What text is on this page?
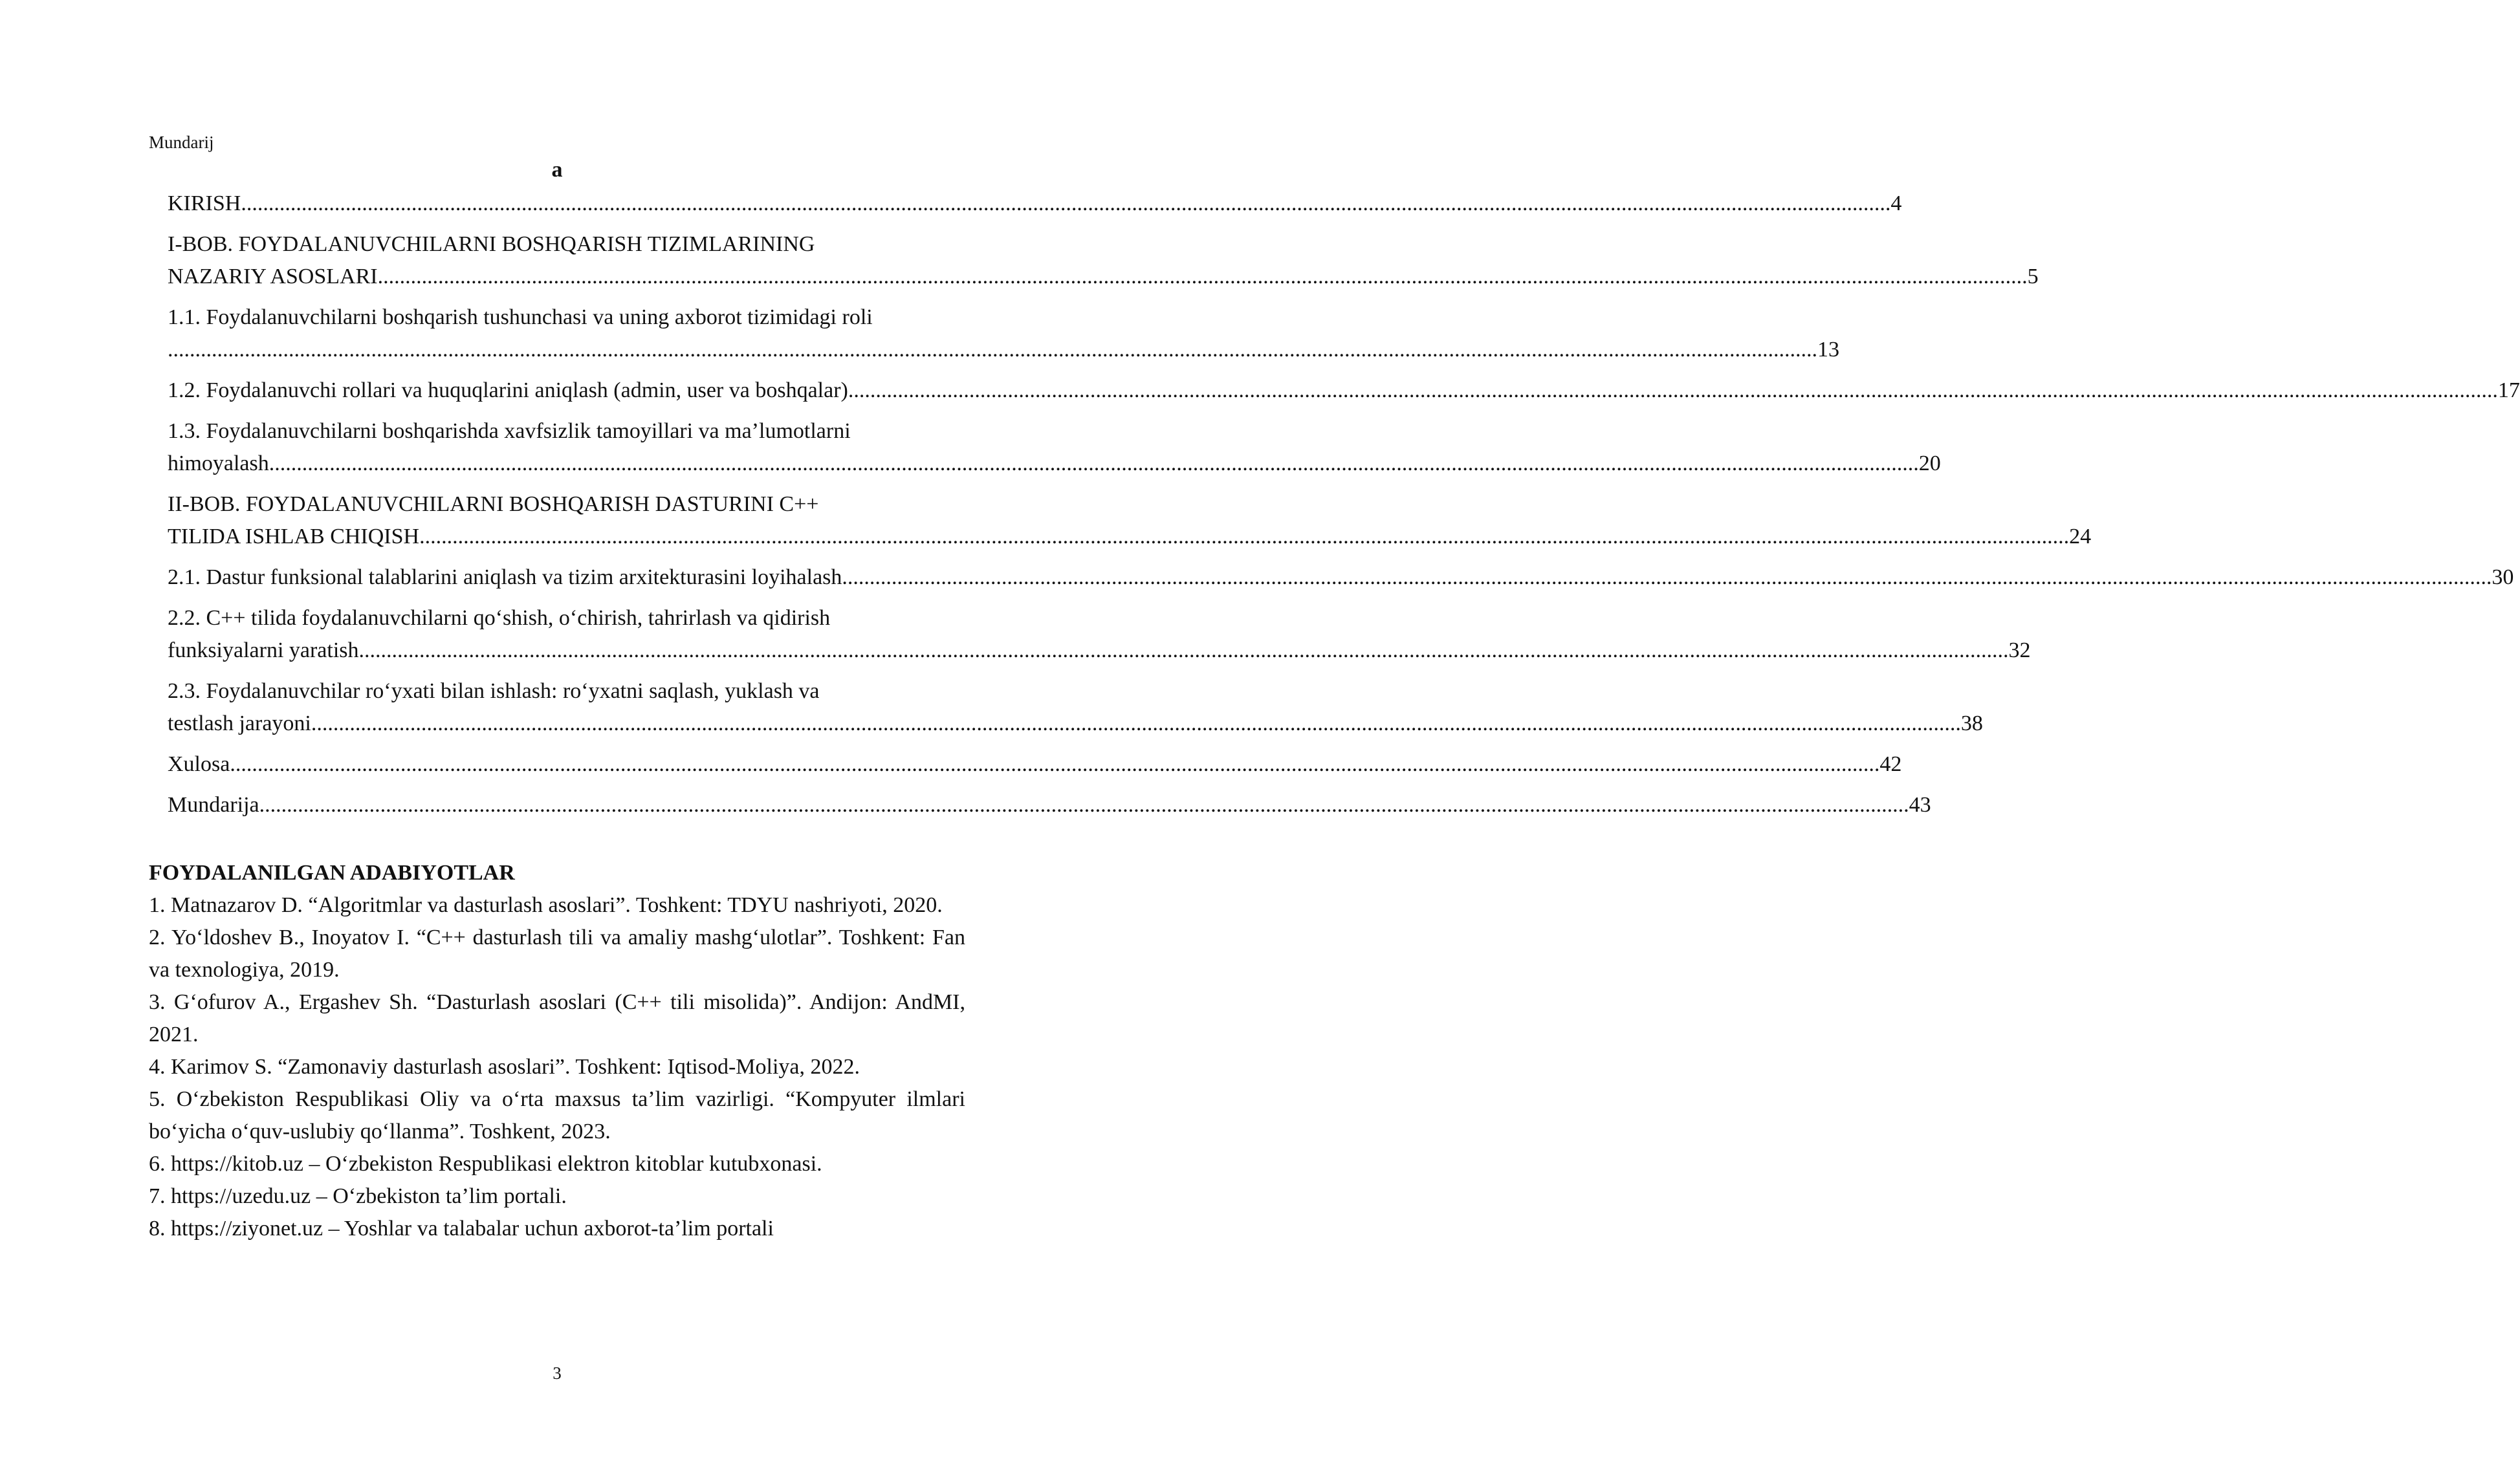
Mundarij
a
KIRISH ............................................................................................................................................................................................................................................................................................................ 4
I-BOB. FOYDALANUVCHILARNI BOSHQARISH TIZIMLARINING
NAZARIY ASOSLARI ............................................................................................................................................................................................................................................................................................................ 5
1.1. Foydalanuvchilarni boshqarish tushunchasi va uning axborot tizimidagi roli
............................................................................................................................................................................................................................................................................................................ 13
1.2. Foydalanuvchi rollari va huquqlarini aniqlash (admin, user va boshqalar) ............................................................................................................................................................................................................................................................................................................ 17
1.3. Foydalanuvchilarni boshqarishda xavfsizlik tamoyillari va ma’lumotlarni
himoyalash ............................................................................................................................................................................................................................................................................................................ 20
II-BOB. FOYDALANUVCHILARNI BOSHQARISH DASTURINI C++
TILIDA ISHLAB CHIQISH ............................................................................................................................................................................................................................................................................................................ 24
2.1. Dastur funksional talablarini aniqlash va tizim arxitekturasini loyihalash ............................................................................................................................................................................................................................................................................................................ 30
2.2. C++ tilida foydalanuvchilarni qo‘shish, o‘chirish, tahrirlash va qidirish
funksiyalarni yaratish ............................................................................................................................................................................................................................................................................................................ 32
2.3. Foydalanuvchilar ro‘yxati bilan ishlash: ro‘yxatni saqlash, yuklash va
testlash jarayoni ............................................................................................................................................................................................................................................................................................................ 38
Xulosa ............................................................................................................................................................................................................................................................................................................ 42
Mundarija ............................................................................................................................................................................................................................................................................................................ 43
FOYDALANILGAN ADABIYOTLAR
1. Matnazarov D. “Algoritmlar va dasturlash asoslari”. Toshkent: TDYU nashriyoti, 2020.
2. Yo‘ldoshev B., Inoyatov I. “C++ dasturlash tili va amaliy mashg‘ulotlar”. Toshkent: Fan va texnologiya, 2019.
3. G‘ofurov A., Ergashev Sh. “Dasturlash asoslari (C++ tili misolida)”. Andijon: AndMI, 2021.
4. Karimov S. “Zamonaviy dasturlash asoslari”. Toshkent: Iqtisod-Moliya, 2022.
5. O‘zbekiston Respublikasi Oliy va o‘rta maxsus ta’lim vazirligi. “Kompyuter ilmlari bo‘yicha o‘quv-uslubiy qo‘llanma”. Toshkent, 2023.
6. https://kitob.uz – O‘zbekiston Respublikasi elektron kitoblar kutubxonasi.
7. https://uzedu.uz – O‘zbekiston ta’lim portali.
8. https://ziyonet.uz – Yoshlar va talabalar uchun axborot-ta’lim portali
3
